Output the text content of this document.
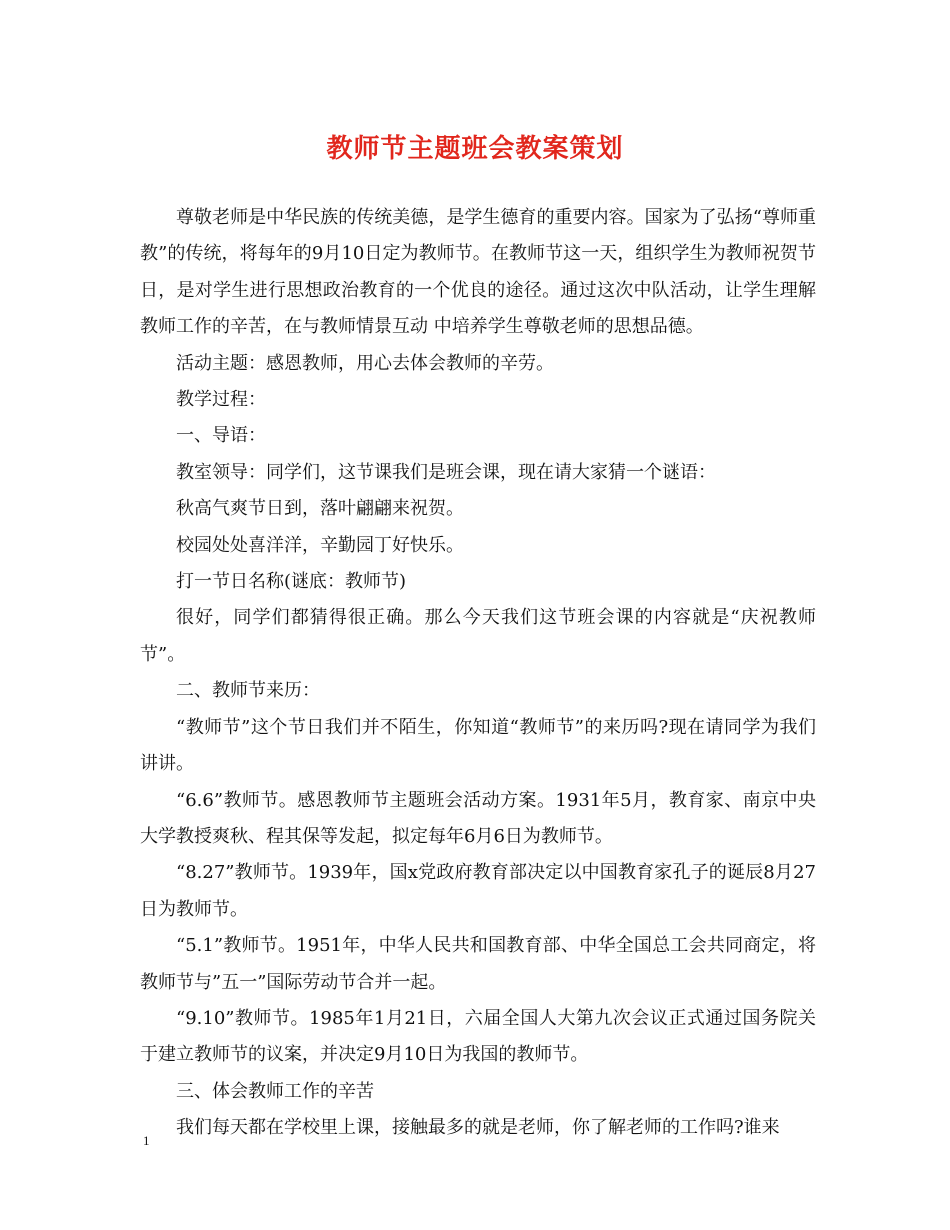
教师节主题班会教案策划

尊敬老师是中华民族的传统美德，是学生德育的重要内容。国家为了弘扬“尊师重教”的传统，将每年的9月10日定为教师节。在教师节这一天，组织学生为教师祝贺节日，是对学生进行思想政治教育的一个优良的途径。通过这次中队活动，让学生理解教师工作的辛苦，在与教师情景互动 中培养学生尊敬老师的思想品德。

活动主题：感恩教师，用心去体会教师的辛劳。

教学过程：

一、导语：

教室领导：同学们，这节课我们是班会课，现在请大家猜一个谜语：

秋高气爽节日到，落叶翩翩来祝贺。

校园处处喜洋洋，辛勤园丁好快乐。

打一节日名称(谜底：教师节)

很好，同学们都猜得很正确。那么今天我们这节班会课的内容就是“庆祝教师节”。

二、教师节来历：

“教师节”这个节日我们并不陌生，你知道“教师节”的来历吗?现在请同学为我们讲讲。

“6.6”教师节。感恩教师节主题班会活动方案。1931年5月，教育家、南京中央大学教授爽秋、程其保等发起，拟定每年6月6日为教师节。

“8.27”教师节。1939年，国x党政府教育部决定以中国教育家孔子的诞辰8月27日为教师节。

“5.1”教师节。1951年，中华人民共和国教育部、中华全国总工会共同商定，将教师节与”五一”国际劳动节合并一起。

“9.10”教师节。1985年1月21日，六届全国人大第九次会议正式通过国务院关于建立教师节的议案，并决定9月10日为我国的教师节。

三、体会教师工作的辛苦

我们每天都在学校里上课，接触最多的就是老师，你了解老师的工作吗?谁来

1
